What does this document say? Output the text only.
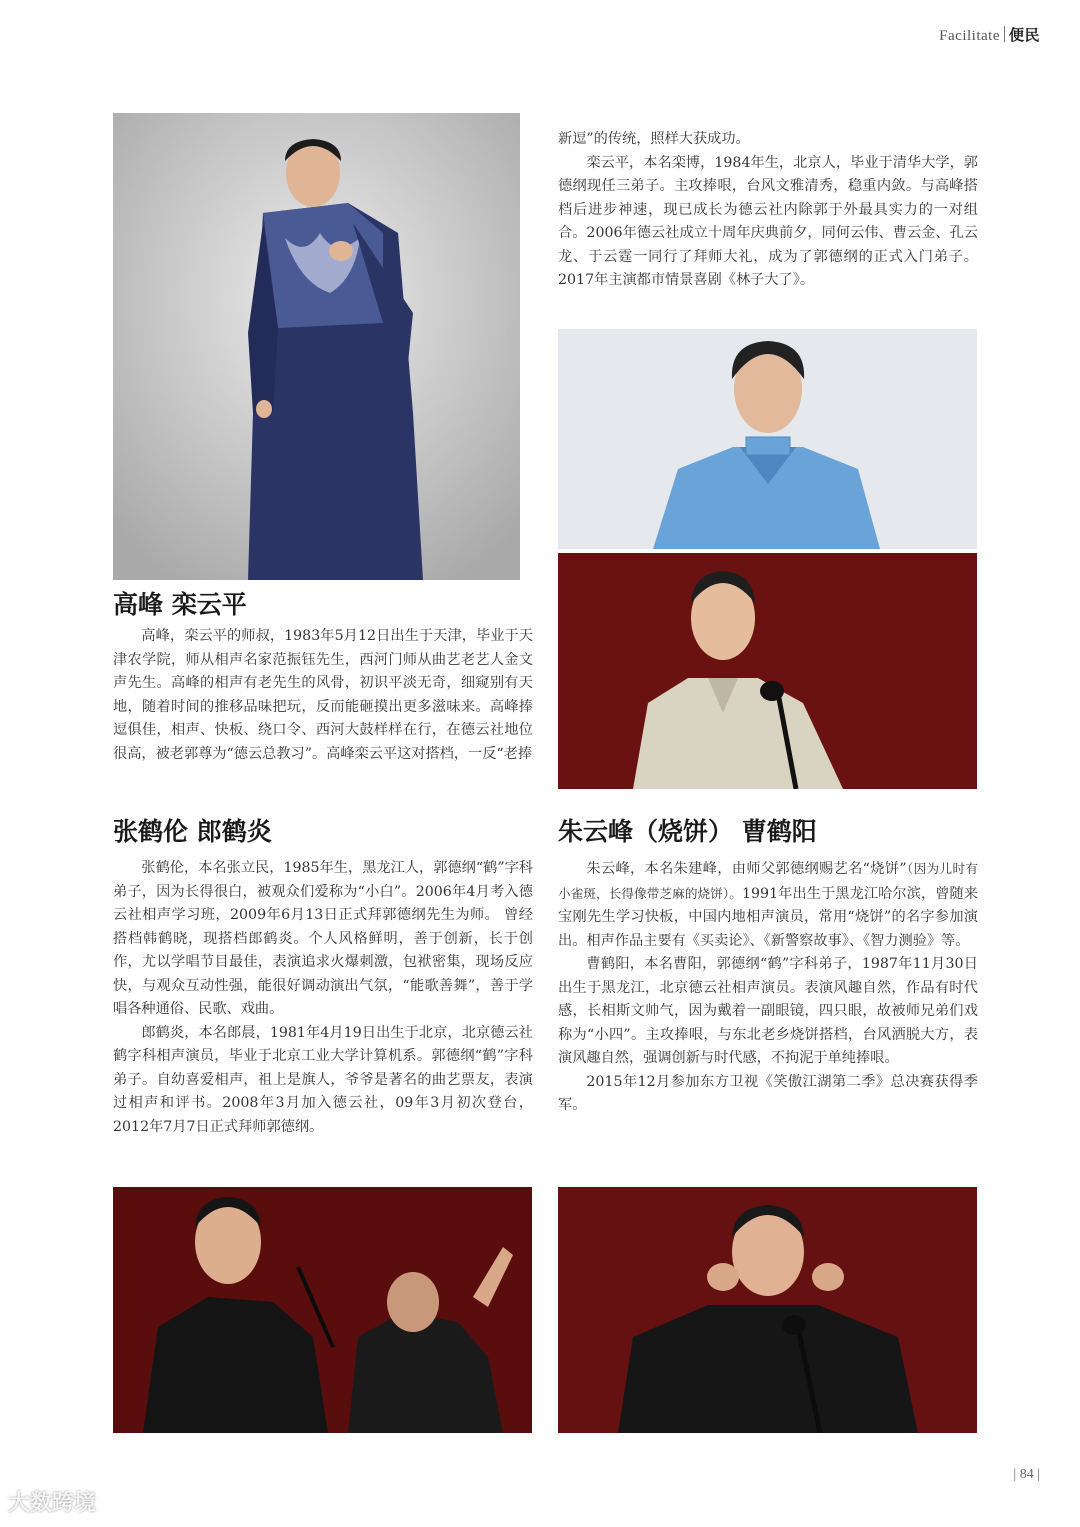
Facilitate 便民
高峰 栾云平

高峰，栾云平的师叔，1983年5月12日出生于天津，毕业于天津农学院，师从相声名家范振钰先生，西河门师从曲艺老艺人金文声先生。高峰的相声有老先生的风骨，初识平淡无奇，细窥别有天地，随着时间的推移品味把玩，反而能砸摸出更多滋味来。高峰捧逗俱佳，相声、快板、绕口令、西河大鼓样样在行，在德云社地位很高，被老郭尊为“德云总教习”。高峰栾云平这对搭档，一反“老捧

新逗”的传统，照样大获成功。

栾云平，本名栾博，1984年生，北京人，毕业于清华大学，郭德纲现任三弟子。主攻捧哏，台风文雅清秀，稳重内敛。与高峰搭档后进步神速，现已成长为德云社内除郭于外最具实力的一对组合。2006年德云社成立十周年庆典前夕，同何云伟、曹云金、孔云龙、于云霆一同行了拜师大礼，成为了郭德纲的正式入门弟子。2017年主演都市情景喜剧《林子大了》。

张鹤伦 郎鹤炎

张鹤伦，本名张立民，1985年生，黑龙江人，郭德纲“鹤”字科弟子，因为长得很白，被观众们爱称为“小白”。2006年4月考入德云社相声学习班，2009年6月13日正式拜郭德纲先生为师。 曾经搭档韩鹤晓，现搭档郎鹤炎。个人风格鲜明，善于创新，长于创作，尤以学唱节目最佳，表演追求火爆刺激，包袱密集，现场反应快，与观众互动性强，能很好调动演出气氛，“能歌善舞”，善于学唱各种通俗、民歌、戏曲。

郎鹤炎，本名郎晨，1981年4月19日出生于北京，北京德云社鹤字科相声演员，毕业于北京工业大学计算机系。郭德纲“鹤”字科弟子。自幼喜爱相声，祖上是旗人，爷爷是著名的曲艺票友，表演过相声和评书。2008年3月加入德云社，09年3月初次登台，2012年7月7日正式拜师郭德纲。

朱云峰（烧饼） 曹鹤阳

朱云峰，本名朱建峰，由师父郭德纲赐艺名“烧饼”（因为儿时有小雀斑，长得像带芝麻的烧饼）。1991年出生于黑龙江哈尔滨，曾随来宝刚先生学习快板，中国内地相声演员，常用“烧饼”的名字参加演出。相声作品主要有《买卖论》、《新警察故事》、《智力测验》等。

曹鹤阳，本名曹阳，郭德纲“鹤”字科弟子，1987年11月30日出生于黑龙江，北京德云社相声演员。表演风趣自然，作品有时代感，长相斯文帅气，因为戴着一副眼镜，四只眼，故被师兄弟们戏称为“小四”。主攻捧哏，与东北老乡烧饼搭档，台风洒脱大方，表演风趣自然，强调创新与时代感，不拘泥于单纯捧哏。

2015年12月参加东方卫视《笑傲江湖第二季》总决赛获得季军。

| 84 |
大数跨境
